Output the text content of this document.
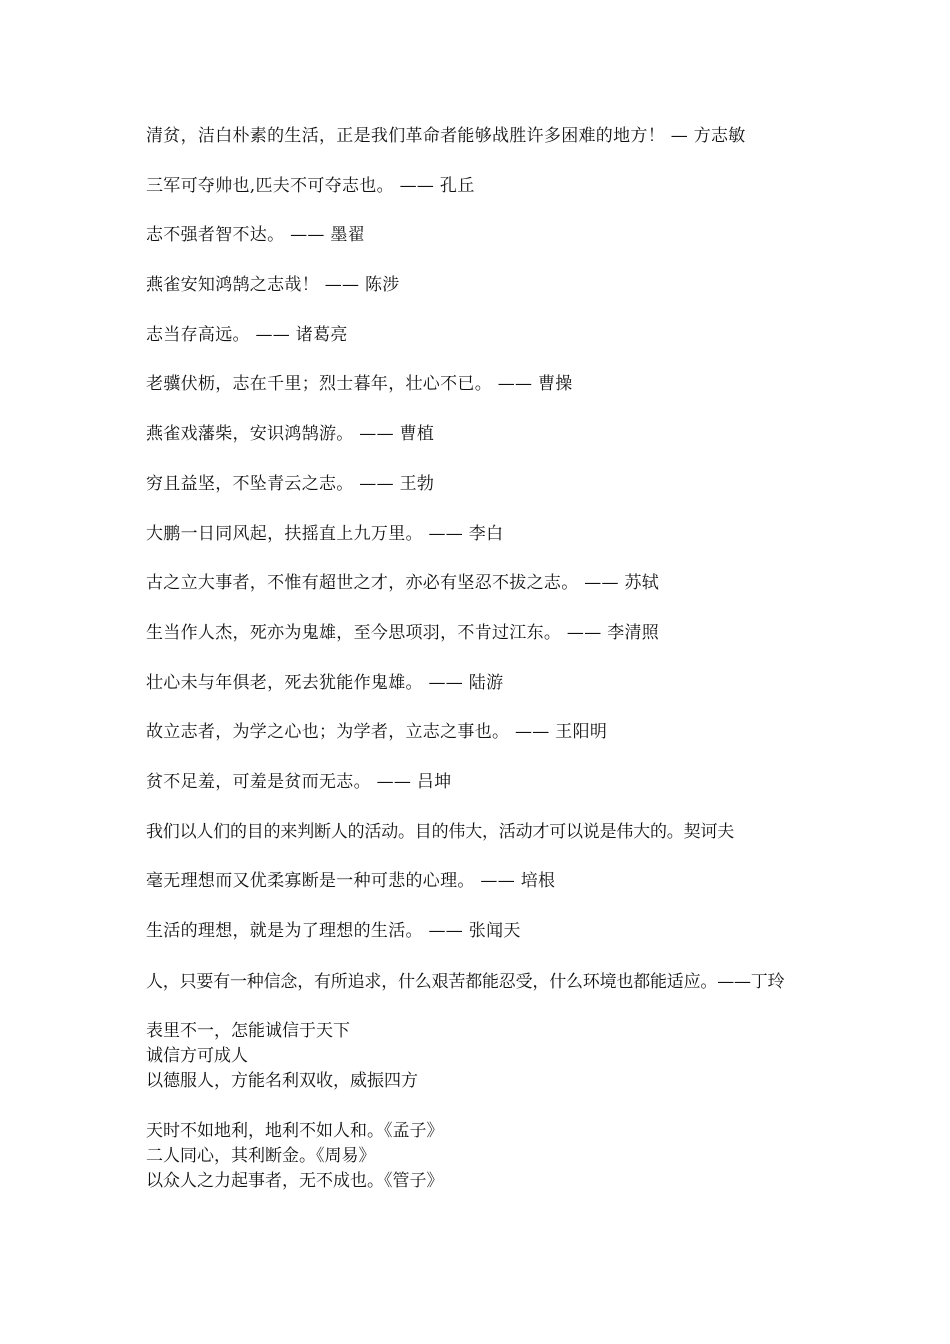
清贫，洁白朴素的生活，正是我们革命者能够战胜许多困难的地方！ — 方志敏

三军可夺帅也,匹夫不可夺志也。 —— 孔丘

志不强者智不达。 —— 墨翟

燕雀安知鸿鹄之志哉！ —— 陈涉

志当存高远。 —— 诸葛亮

老骥伏枥，志在千里；烈士暮年，壮心不已。 —— 曹操

燕雀戏藩柴，安识鸿鹄游。 —— 曹植

穷且益坚，不坠青云之志。 —— 王勃

大鹏一日同风起，扶摇直上九万里。 —— 李白

古之立大事者，不惟有超世之才，亦必有坚忍不拔之志。 —— 苏轼

生当作人杰，死亦为鬼雄，至今思项羽，不肯过江东。 —— 李清照

壮心未与年俱老，死去犹能作鬼雄。 —— 陆游

故立志者，为学之心也；为学者，立志之事也。 —— 王阳明

贫不足羞，可羞是贫而无志。 —— 吕坤

我们以人们的目的来判断人的活动。目的伟大，活动才可以说是伟大的。契诃夫

毫无理想而又优柔寡断是一种可悲的心理。 —— 培根

生活的理想，就是为了理想的生活。 —— 张闻天

人，只要有一种信念，有所追求，什么艰苦都能忍受，什么环境也都能适应。——丁玲

表里不一，怎能诚信于天下

诚信方可成人

以德服人，方能名利双收，威振四方

天时不如地利，地利不如人和。《孟子》

二人同心，其利断金。《周易》

以众人之力起事者，无不成也。《管子》
